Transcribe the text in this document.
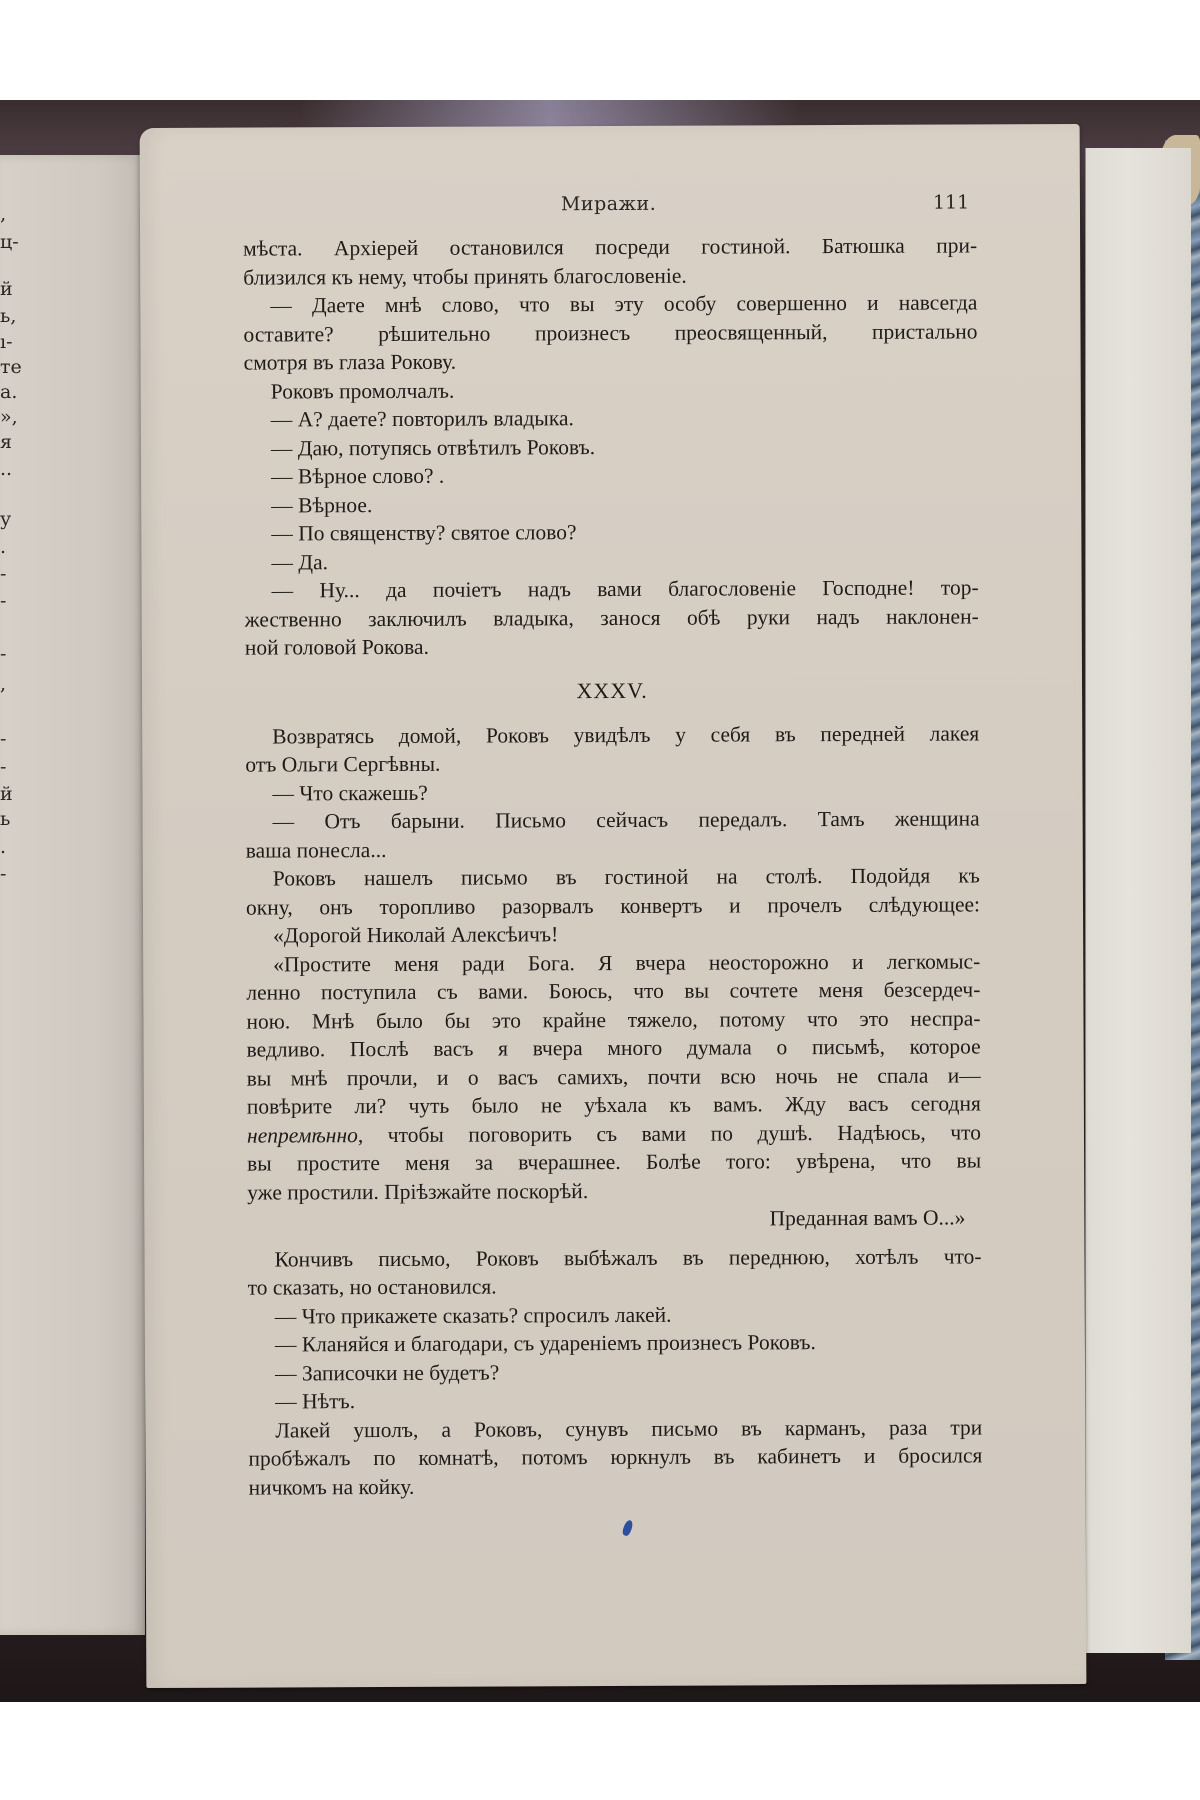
‚
ц-
й
ь,
ı-
те
а.
»,
я
..
у
.
-
-
-
,
-
-
й
ь
.
-
Миражи.	111
мѣста. Архіерей остановился посреди гостиной. Батюшка при-
близился къ нему, чтобы принять благословеніе.
— Даете мнѣ слово, что вы эту особу совершенно и навсегда
оставите? рѣшительно произнесъ преосвященный, пристально
смотря въ глаза Рокову.
Роковъ промолчалъ.
— А? даете? повторилъ владыка.
— Даю, потупясь отвѣтилъ Роковъ.
— Вѣрное слово? .
— Вѣрное.
— По священству? святое слово?
— Да.
— Ну... да почіетъ надъ вами благословеніе Господне! тор-
жественно заключилъ владыка, занося обѣ руки надъ наклонен-
ной головой Рокова.
XXXV.
Возвратясь домой, Роковъ увидѣлъ у себя въ передней лакея
отъ Ольги Сергѣвны.
— Что скажешь?
— Отъ барыни. Письмо сейчасъ передалъ. Тамъ женщина
ваша понесла...
Роковъ нашелъ письмо въ гостиной на столѣ. Подойдя къ
окну, онъ торопливо разорвалъ конвертъ и прочелъ слѣдующее:
«Дорогой Николай Алексѣичъ!
«Простите меня ради Бога. Я вчера неосторожно и легкомыс-
ленно поступила съ вами. Боюсь, что вы сочтете меня безсердеч-
ною. Мнѣ было бы это крайне тяжело, потому что это неспра-
ведливо. Послѣ васъ я вчера много думала о письмѣ, которое
вы мнѣ прочли, и о васъ самихъ, почти всю ночь не спала и—
повѣрите ли? чуть было не уѣхала къ вамъ. Жду васъ сегодня
непремѣнно, чтобы поговорить съ вами по душѣ. Надѣюсь, что
вы простите меня за вчерашнее. Болѣе того: увѣрена, что вы
уже простили. Пріѣзжайте поскорѣй.
Преданная вамъ О...»
Кончивъ письмо, Роковъ выбѣжалъ въ переднюю, хотѣлъ что-
то сказать, но остановился.
— Что прикажете сказать? спросилъ лакей.
— Кланяйся и благодари, съ удареніемъ произнесъ Роковъ.
— Записочки не будетъ?
— Нѣтъ.
Лакей ушолъ, а Роковъ, сунувъ письмо въ карманъ, раза три
пробѣжалъ по комнатѣ, потомъ юркнулъ въ кабинетъ и бросился
ничкомъ на койку.
